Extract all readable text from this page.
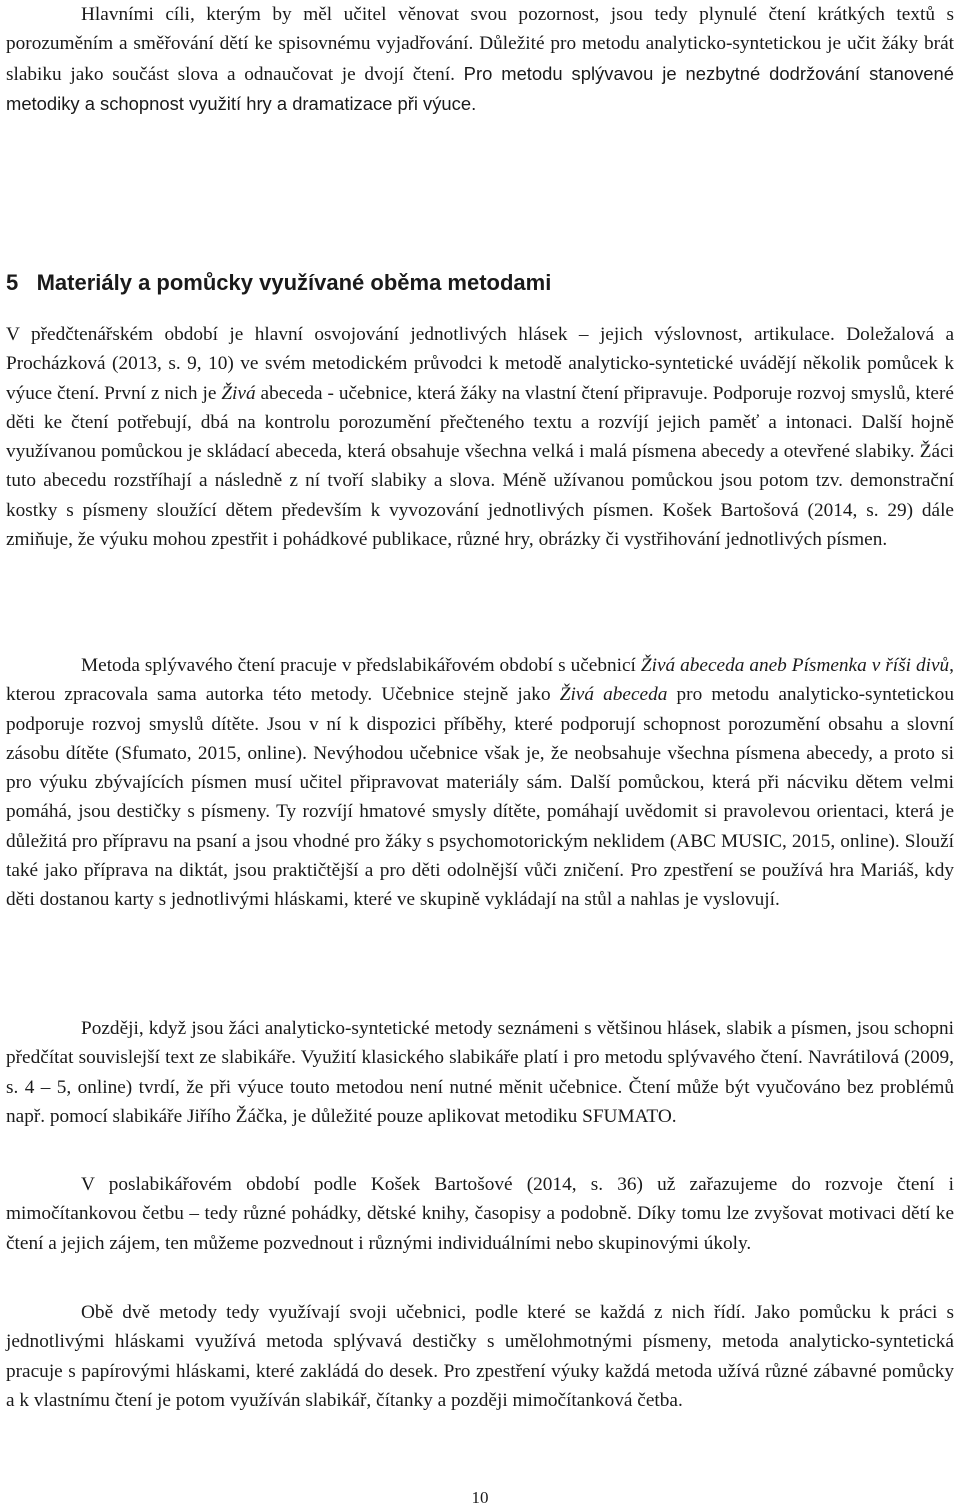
Hlavními cíli, kterým by měl učitel věnovat svou pozornost, jsou tedy plynulé čtení krátkých textů s porozuměním a směřování dětí ke spisovnému vyjadřování. Důležité pro metodu analyticko-syntetickou je učit žáky brát slabiku jako součást slova a odnaučovat je dvojí čtení. Pro metodu splývavou je nezbytné dodržování stanovené metodiky a schopnost využití hry a dramatizace při výuce.

5 Materiály a pomůcky využívané oběma metodami

V předčtenářském období je hlavní osvojování jednotlivých hlásek – jejich výslovnost, artikulace. Doležalová a Procházková (2013, s. 9, 10) ve svém metodickém průvodci k metodě analyticko-syntetické uvádějí několik pomůcek k výuce čtení. První z nich je Živá abeceda - učebnice, která žáky na vlastní čtení připravuje. Podporuje rozvoj smyslů, které děti ke čtení potřebují, dbá na kontrolu porozumění přečteného textu a rozvíjí jejich paměť a intonaci. Další hojně využívanou pomůckou je skládací abeceda, která obsahuje všechna velká i malá písmena abecedy a otevřené slabiky. Žáci tuto abecedu rozstříhají a následně z ní tvoří slabiky a slova. Méně užívanou pomůckou jsou potom tzv. demonstrační kostky s písmeny sloužící dětem především k vyvozování jednotlivých písmen. Košek Bartošová (2014, s. 29) dále zmiňuje, že výuku mohou zpestřit i pohádkové publikace, různé hry, obrázky či vystřihování jednotlivých písmen.

Metoda splývavého čtení pracuje v předslabikářovém období s učebnicí Živá abeceda aneb Písmenka v říši divů, kterou zpracovala sama autorka této metody. Učebnice stejně jako Živá abeceda pro metodu analyticko-syntetickou podporuje rozvoj smyslů dítěte. Jsou v ní k dispozici příběhy, které podporují schopnost porozumění obsahu a slovní zásobu dítěte (Sfumato, 2015, online). Nevýhodou učebnice však je, že neobsahuje všechna písmena abecedy, a proto si pro výuku zbývajících písmen musí učitel připravovat materiály sám. Další pomůckou, která při nácviku dětem velmi pomáhá, jsou destičky s písmeny. Ty rozvíjí hmatové smysly dítěte, pomáhají uvědomit si pravolevou orientaci, která je důležitá pro přípravu na psaní a jsou vhodné pro žáky s psychomotorickým neklidem (ABC MUSIC, 2015, online). Slouží také jako příprava na diktát, jsou praktičtější a pro děti odolnější vůči zničení. Pro zpestření se používá hra Mariáš, kdy děti dostanou karty s jednotlivými hláskami, které ve skupině vykládají na stůl a nahlas je vyslovují.

Později, když jsou žáci analyticko-syntetické metody seznámeni s většinou hlásek, slabik a písmen, jsou schopni předčítat souvislejší text ze slabikáře. Využití klasického slabikáře platí i pro metodu splývavého čtení. Navrátilová (2009, s. 4 – 5, online) tvrdí, že při výuce touto metodou není nutné měnit učebnice. Čtení může být vyučováno bez problémů např. pomocí slabikáře Jiřího Žáčka, je důležité pouze aplikovat metodiku SFUMATO.

V poslabikářovém období podle Košek Bartošové (2014, s. 36) už zařazujeme do rozvoje čtení i mimočítankovou četbu – tedy různé pohádky, dětské knihy, časopisy a podobně. Díky tomu lze zvyšovat motivaci dětí ke čtení a jejich zájem, ten můžeme pozvednout i různými individuálními nebo skupinovými úkoly.

Obě dvě metody tedy využívají svoji učebnici, podle které se každá z nich řídí. Jako pomůcku k práci s jednotlivými hláskami využívá metoda splývavá destičky s umělohmotnými písmeny, metoda analyticko-syntetická pracuje s papírovými hláskami, které zakládá do desek. Pro zpestření výuky každá metoda užívá různé zábavné pomůcky a k vlastnímu čtení je potom využíván slabikář, čítanky a později mimočítanková četba.

10
